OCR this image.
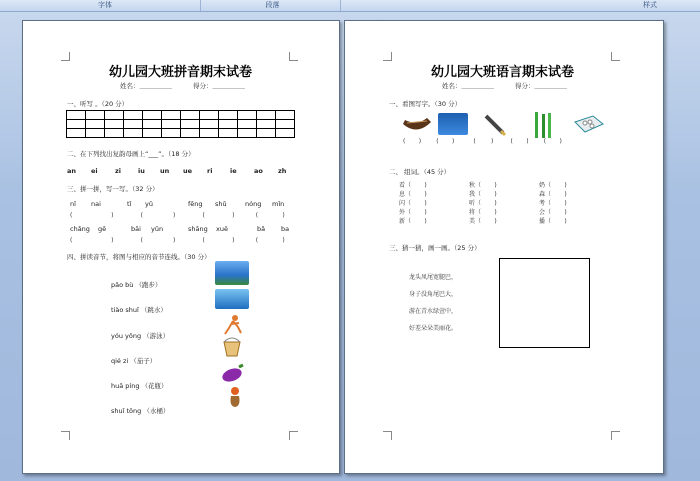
字体	段落	样式
幼儿园大班拼音期末试卷
姓名：＿＿＿＿＿	得分：＿＿＿＿＿
一、听写 。（20 分）

二、在下列找出复韵母画上“___”。（18 分）
an ei	zi	iu un ue ri	ie	ao zh
三、拼一拼，写一写。（32 分）
nǐ nai	tǐ yǔ	fēng shǔ	nóng mǐn
(             )         (          )         (         )       (        )
chǎng gē	bāi yǔn	shāng xuě	bǎ ba
(             )         (          )         (         )       (        )
四、拼读音节，将图与相应的音节连线。（30 分）
pǎo bù （跑步）
tiào shuǐ （跳水）
yóu yǒng （游泳）
qié zi （茄子）
huā píng （花瓶）
shuǐ tǒng （水桶）
幼儿园大班语言期末试卷
姓名：＿＿＿＿＿	得分：＿＿＿＿＿
一、看图写字。（30 分）
(       )        (       )          (        )         (       )        (       )
二、 组词。（45 分）
看（ )	秋（ )	奶（ )
息（ )	我（ )	森（ )
闪（ )	听（ )	考（ )
外（ )	将（ )	会（ )
新（ )	美（ )	播（ )
三、猜一猜，画一画。（25 分）
龙头凤尾宽腿巴，
身子没角尾巴大，
游在青水绿萱中，
好差朵朵美丽花。
